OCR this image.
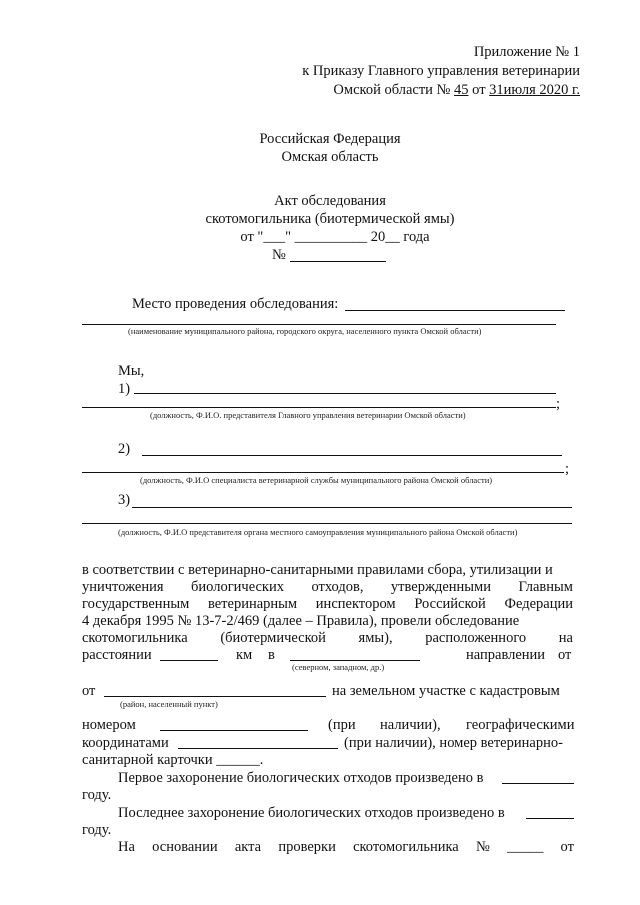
Приложение № 1
к Приказу Главного управления ветеринарии
Омской области № 45 от 31июля 2020 г.
Российская Федерация
Омская область
Акт обследования
скотомогильника (биотермической ямы)
от "___" __________ 20__ года
№
Место проведения обследования:
(наименование муниципального района, городского округа, населенного пункта Омской области)
Мы,
1)
;
(должность, Ф.И.О. представителя Главного управления ветеринарии Омской области)
2)
;
(должность, Ф.И.О специалиста ветеринарной службы муниципального района Омской области)
3)
(должность, Ф.И.О представителя органа местного самоуправления муниципального района Омской области)
в соответствии с ветеринарно-санитарными правилами сбора, утилизации и
уничтожения биологических отходов, утвержденными Главным
государственным ветеринарным инспектором Российской Федерации
4 декабря 1995 № 13-7-2/469 (далее – Правила), провели обследование
скотомогильника (биотермической ямы), расположенного на
расстоянии	км в	направлении от
(северном, западном, др.)
от	на земельном участке с кадастровым
(район, населенный пункт)
номером	(при наличии), географическими
координатами	(при наличии), номер ветеринарно-
санитарной карточки ______.
Первое захоронение биологических отходов произведено в
году.
Последнее захоронение биологических отходов произведено в
году.
На основании акта проверки скотомогильника № _____ от
